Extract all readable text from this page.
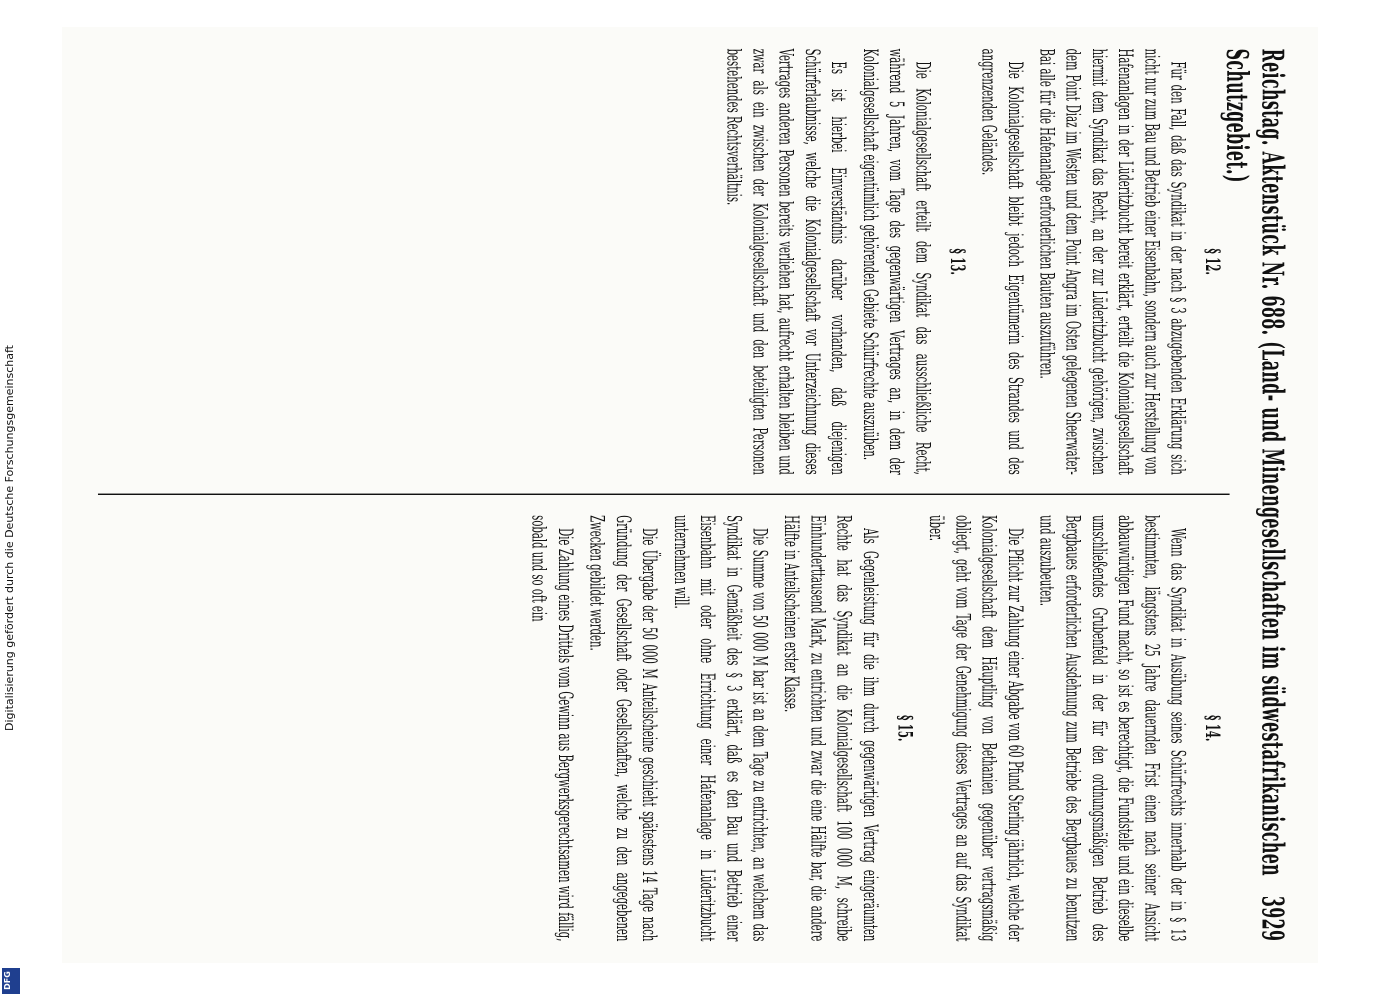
Reichstag. Aktenstück Nr. 688. (Land- und Minengesellschaften im südwestafrikanischen Schutzgebiet.)
3929
§ 12.

Für den Fall, daß das Syndikat in der nach § 3 abzugebenden Erklärung sich nicht nur zum Bau und Betrieb einer Eisenbahn, sondern auch zur Herstellung von Hafenanlagen in der Lüderitzbucht bereit erklärt, erteilt die Kolonialgesellschaft hiermit dem Syndikat das Recht, an der zur Lüderitzbucht gehörigen, zwischen dem Point Diaz im Westen und dem Point Angra im Osten gelegenen Sheerwater-Bai alle für die Hafenanlage erforderlichen Bauten auszuführen.

Die Kolonialgesellschaft bleibt jedoch Eigentümerin des Strandes und des angrenzenden Geländes.

§ 13.

Die Kolonialgesellschaft erteilt dem Syndikat das ausschließliche Recht, während 5 Jahren, vom Tage des gegenwärtigen Vertrages an, in dem der Kolonialgesellschaft eigentümlich gehörenden Gebiete Schürfrechte auszuüben.

Es ist hierbei Einverständnis darüber vorhanden, daß diejenigen Schürferlaubnisse, welche die Kolonialgesellschaft vor Unterzeichnung dieses Vertrages anderen Personen bereits verliehen hat, aufrecht erhalten bleiben und zwar als ein zwischen der Kolonialgesellschaft und den beteiligten Personen bestehendes Rechtsverhältnis.

§ 14.

Wenn das Syndikat in Ausübung seines Schürfrechts innerhalb der in § 13 bestimmten, längstens 25 Jahre dauernden Frist einen nach seiner Ansicht abbauwürdigen Fund macht, so ist es berechtigt, die Fundstelle und ein dieselbe umschließendes Grubenfeld in der für den ordnungsmäßigen Betrieb des Bergbaues erforderlichen Ausdehnung zum Betriebe des Bergbaues zu benutzen und auszubeuten.

Die Pflicht zur Zahlung einer Abgabe von 60 Pfund Sterling jährlich, welche der Kolonialgesellschaft dem Häuptling von Bethanien gegenüber vertragsmäßig obliegt, geht vom Tage der Genehmigung dieses Vertrages an auf das Syndikat über.

§ 15.

Als Gegenleistung für die ihm durch gegenwärtigen Vertrag eingeräumten Rechte hat das Syndikat an die Kolonialgesellschaft 100 000 M, schreibe Einhunderttausend Mark, zu entrichten und zwar die eine Hälfte bar, die andere Hälfte in Anteilscheinen erster Klasse.

Die Summe von 50 000 M bar ist an dem Tage zu entrichten, an welchem das Syndikat in Gemäßheit des § 3 erklärt, daß es den Bau und Betrieb einer Eisenbahn mit oder ohne Errichtung einer Hafenanlage in Lüderitzbucht unternehmen will.

Die Übergabe der 50 000 M Anteilscheine geschieht spätestens 14 Tage nach Gründung der Gesellschaft oder Gesellschaften, welche zu den angegebenen Zwecken gebildet werden.

Die Zahlung eines Drittels vom Gewinn aus Bergwerksgerechtsamen wird fällig, sobald und so oft ein

Digitalisierung gefördert durch die Deutsche Forschungsgemeinschaft
DFG
